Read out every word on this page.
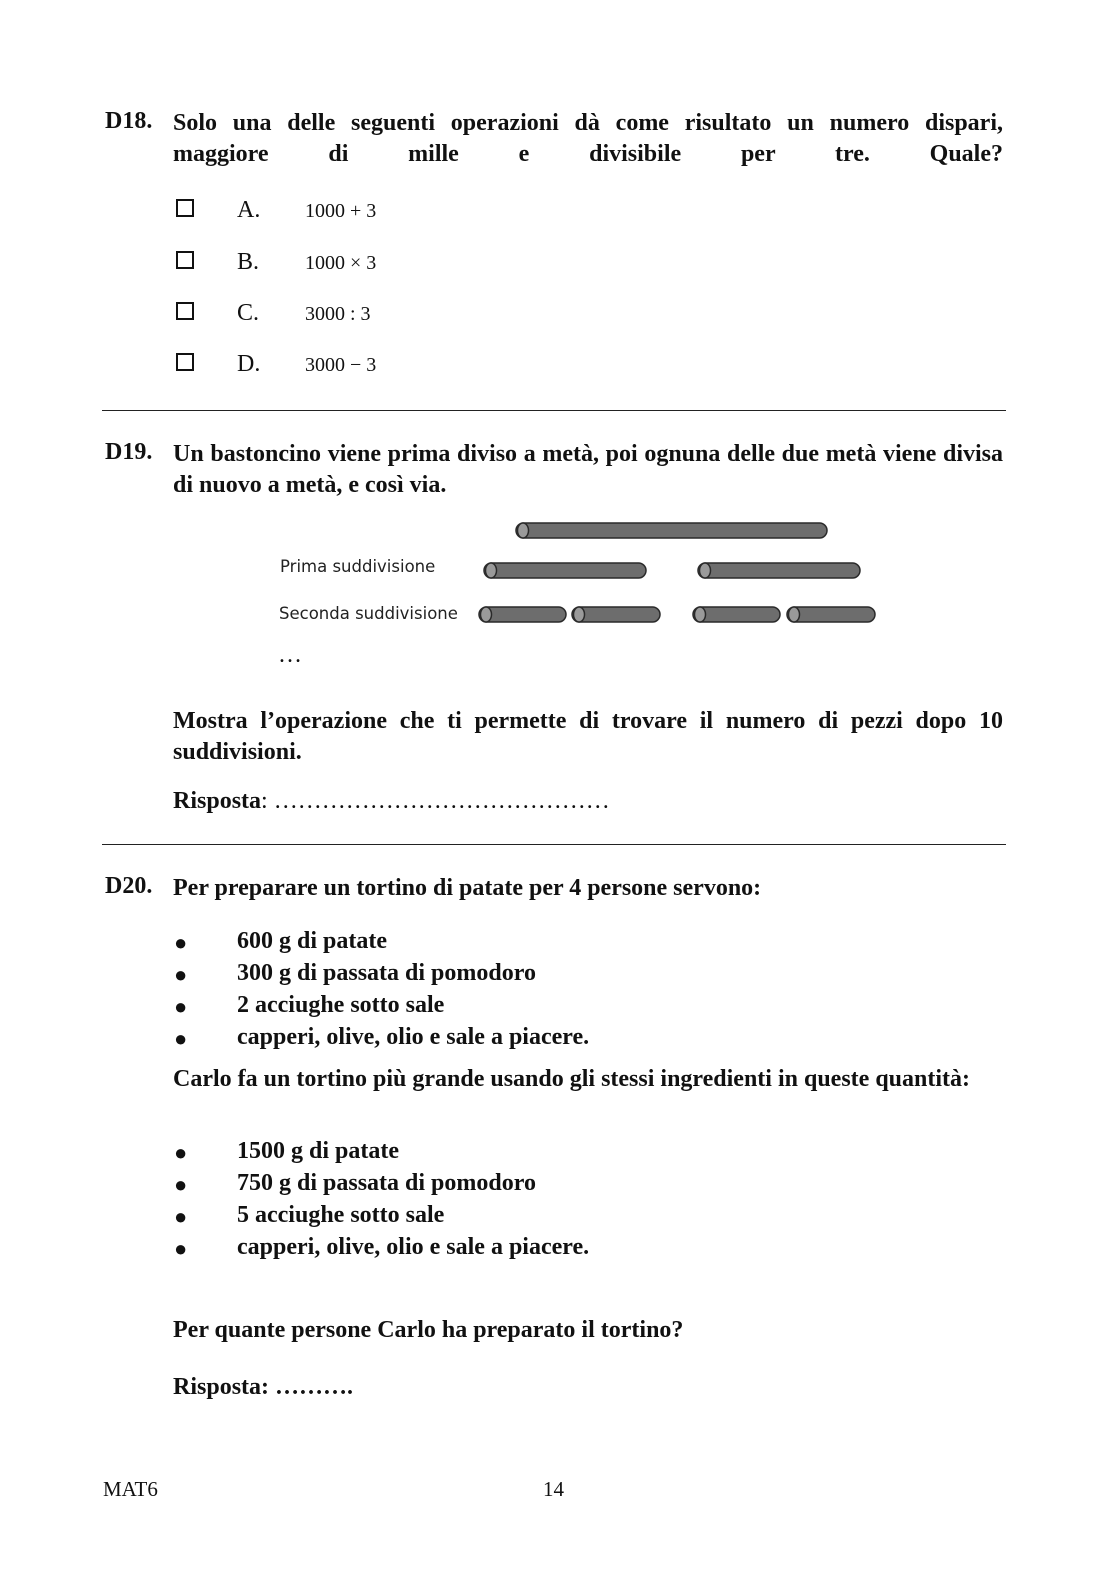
D18. Solo una delle seguenti operazioni dà come risultato un numero dispari, maggiore di mille e divisibile per tre. Quale?
A. 1000 + 3
B. 1000 × 3
C. 3000 : 3
D. 3000 − 3
D19. Un bastoncino viene prima diviso a metà, poi ognuna delle due metà viene divisa di nuovo a metà, e così via.
Prima suddivisione
Seconda suddivisione
…
Mostra l’operazione che ti permette di trovare il numero di pezzi dopo 10 suddivisioni.
Risposta: ……………………………………
D20. Per preparare un tortino di patate per 4 persone servono:
● 600 g di patate
● 300 g di passata di pomodoro
● 2 acciughe sotto sale
● capperi, olive, olio e sale a piacere.
Carlo fa un tortino più grande usando gli stessi ingredienti in queste quantità:
● 1500 g di patate
● 750 g di passata di pomodoro
● 5 acciughe sotto sale
● capperi, olive, olio e sale a piacere.
Per quante persone Carlo ha preparato il tortino?
Risposta: ……….
MAT6	14
